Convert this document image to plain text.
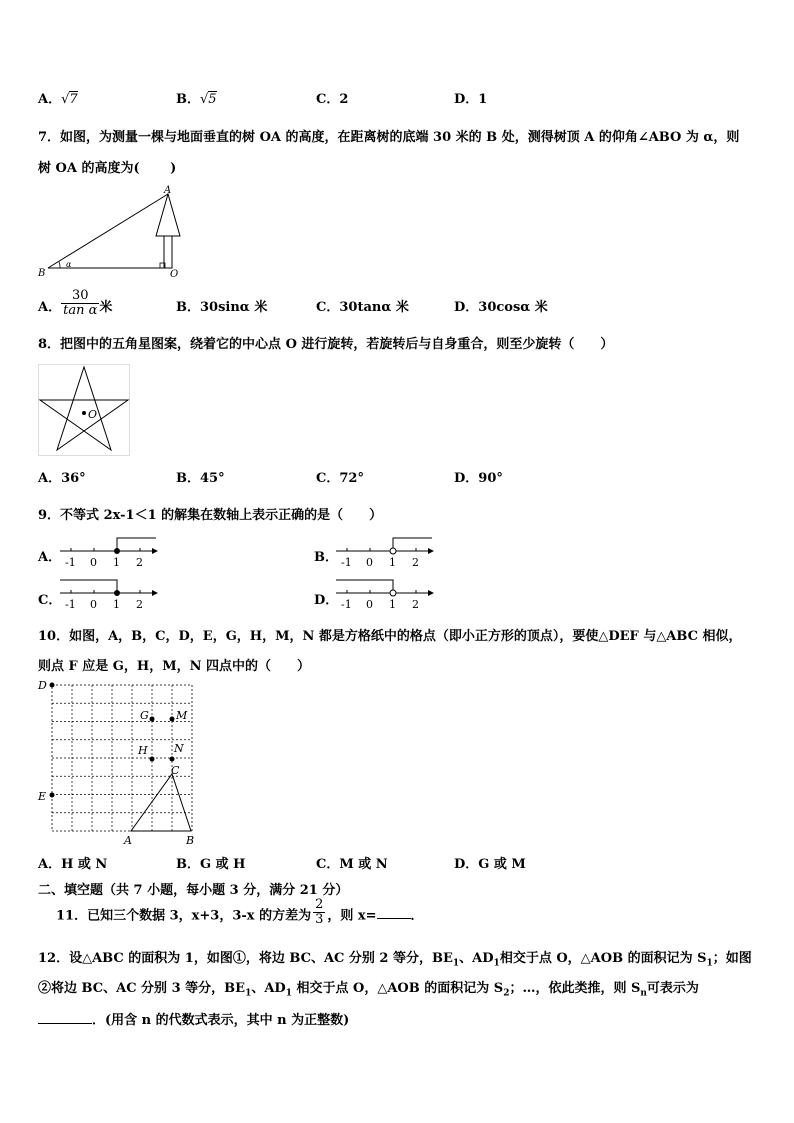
A．√7	B．√5	C．2	D．1
7．如图，为测量一棵与地面垂直的树 OA 的高度，在距离树的底端 30 米的 B 处，测得树顶 A 的仰角∠ABO 为 α，则
树 OA 的高度为(　　 )
A
B	O
α
A． $\frac{30}{\text{tan α}}$ 米	B．30sinα 米	C．30tanα 米	D．30cosα 米
8．把图中的五角星图案，绕着它的中心点 O 进行旋转，若旋转后与自身重合，则至少旋转（　　）
O
A．36°	B．45°	C．72°	D．90°
9．不等式 2x-1＜1 的解集在数轴上表示正确的是（　　）
A． -1 0 1 2	B． -1 0 1 2
C． -1 0 1 2	D． -1 0 1 2
10．如图，A，B，C，D，E，G，H，M，N 都是方格纸中的格点（即小正方形的顶点），要使△DEF 与△ABC 相似，
则点 F 应是 G，H，M，N 四点中的（　　）
D
E
G M
H N
C
A	B
A．H 或 N	B．G 或 H	C．M 或 N	D．G 或 M
二、填空题（共 7 小题，每小题 3 分，满分 21 分）
11．已知三个数据 3，x+3，3-x 的方差为 $\frac{2}{3}$ ，则 x=	．
12．设△ABC 的面积为 1，如图①，将边 BC、AC 分别 2 等分，$BE_1$、$AD_1$相交于点 O，△AOB 的面积记为 $S_1$；如图
②将边 BC、AC 分别 3 等分，$BE_1$、$AD_1$ 相交于点 O，△AOB 的面积记为 $S_2$；…，依此类推，则 $S_n$可表示为
．(用含 n 的代数式表示，其中 n 为正整数)
